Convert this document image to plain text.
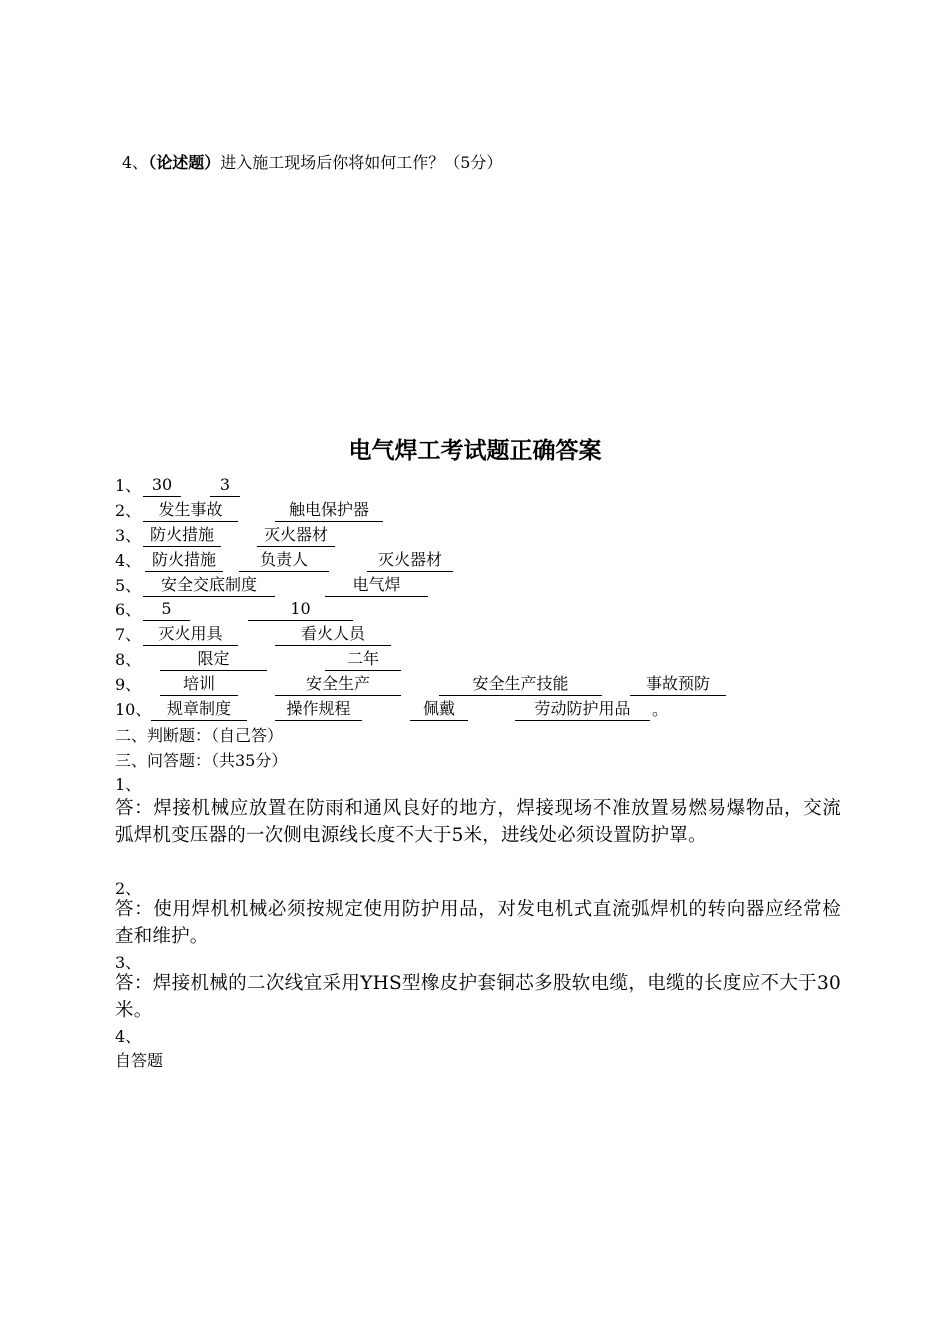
4、（论述题）进入施工现场后你将如何工作？（5分）
电气焊工考试题正确答案
1、 30	3
2、	发生事故	触电保护器
3、 防火措施	灭火器材
4、 防火措施	负责人	灭火器材
5、	安全交底制度	电气焊
6、	5	10
7、	灭火用具	看火人员
8、	限定	二年
9、	培训	安全生产	安全生产技能	事故预防
10、 规章制度	操作规程	佩戴	劳动防护用品	。
二、判断题：（自己答）
三、问答题：（共35分）
1、
答：焊接机械应放置在防雨和通风良好的地方，焊接现场不准放置易燃易爆物品，交流弧焊机变压器的一次侧电源线长度不大于5米，进线处必须设置防护罩。
2、
答：使用焊机机械必须按规定使用防护用品，对发电机式直流弧焊机的转向器应经常检查和维护。
3、
答：焊接机械的二次线宜采用YHS型橡皮护套铜芯多股软电缆，电缆的长度应不大于30米。
4、
自答题
